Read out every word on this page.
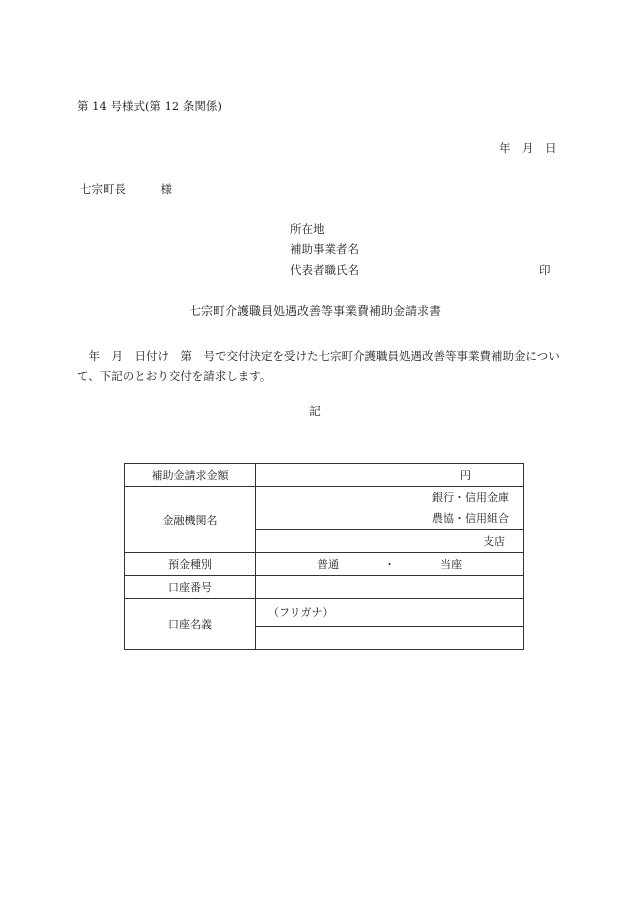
第 14 号様式(第 12 条関係)
年　月　日
七宗町長　　　様
所在地
補助事業者名
代表者職氏名	印
七宗町介護職員処遇改善等事業費補助金請求書
　年　月　日付け　第　号で交付決定を受けた七宗町介護職員処遇改善等事業費補助金について、下記のとおり交付を請求します。
記
補助金請求金額	円
金融機関名	銀行・信用金庫
農協・信用組合

	支店
預金種別	普通 ・ 当座
口座番号	
口座名義	（フリガナ）
